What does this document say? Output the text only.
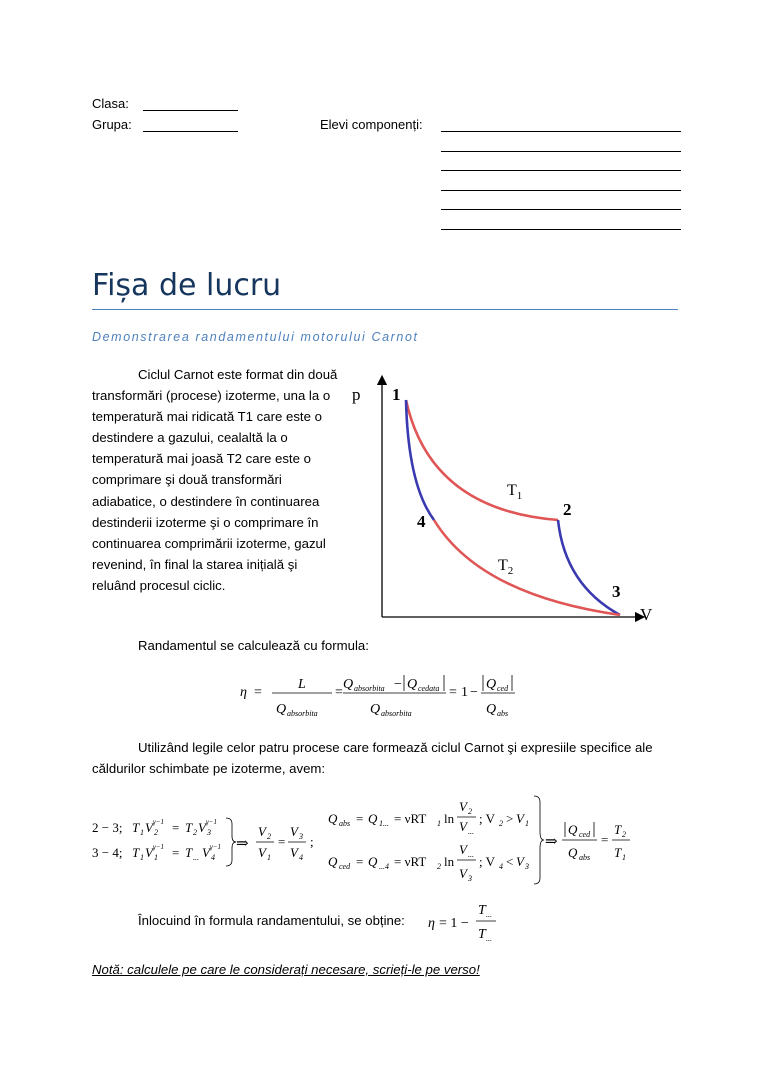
Clasa:
Grupa:	Elevi componenți:
Fișa de lucru
Demonstrarea randamentului motorului Carnot

Ciclul Carnot este format din două transformări (procese) izoterme, una la o temperatură mai ridicată T1 care este o destindere a gazului, cealaltă la o temperatură mai joasă T2 care este o comprimare şi două transformări adiabatice, o destindere în continuarea destinderii izoterme şi o comprimare în continuarea comprimării izoterme, gazul revenind, în final la starea inițială şi reluând procesul ciclic.

p
V
1
2
3
4
$T_1$
$T_2$
Randamentul se calculează cu formula:
η =
L
Q absorbita
=
Q absorbita − Q cedata
Q absorbita
= 1 −
Q ced
Q abs
Utilizând legile celor patru procese care formează ciclul Carnot şi expresiile specifice ale căldurilor schimbate pe izoterme, avem:
2 − 3; T 1 V 2
γ−1 = T 2 V 3
γ−1
3 − 4; T 1 V 1
γ−1 = T ... V 4
γ−1 ⇒
V 2
V 1
=
V 3
V 4
;
Q abs = Q 1... = νRT 1 ln
V 2
V ...
; V 2 > V 1
Q ced = Q ...4 = νRT 2 ln
V ...
V 3
; V 4 < V 3
⇒
Q ced
Q abs
=
T 2
T 1
Înlocuind în formula randamentului, se obține: η = 1 −
T ...
T ...
Notă: calculele pe care le considerați necesare, scrieți-le pe verso!
